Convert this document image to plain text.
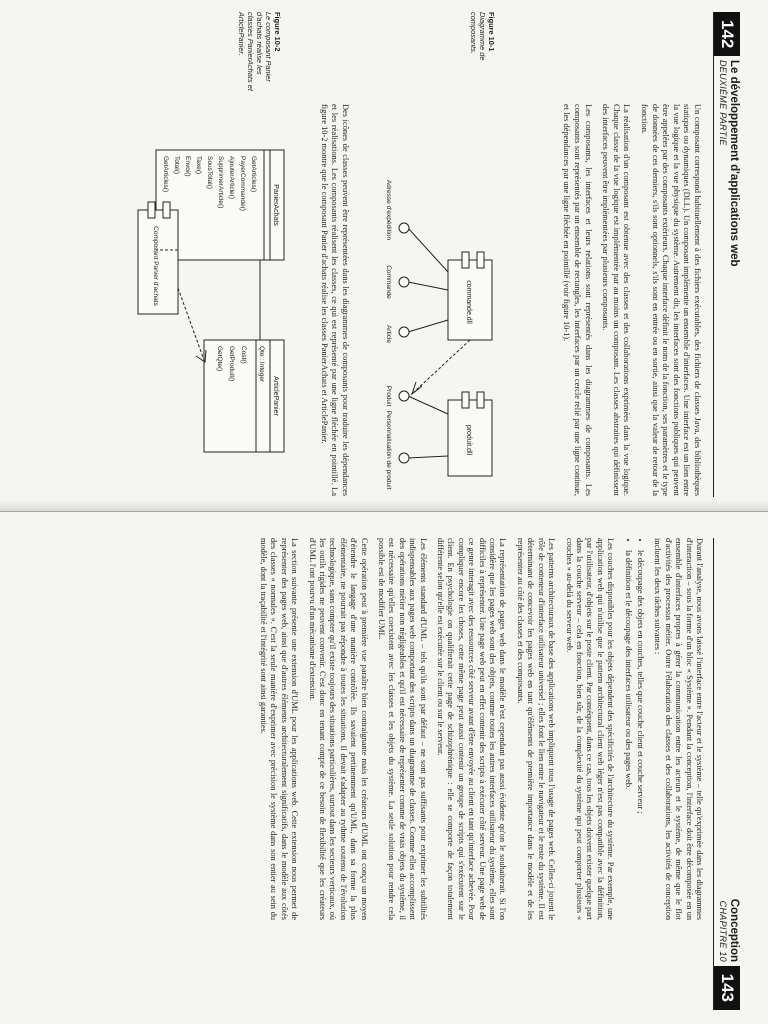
142
Le développement d'applications web
DEUXIÈME PARTIE

Un composant correspond habituellement à des fichiers exécutables, des fichiers de classes Java, des bibliothèques statiques ou dynamiques (DLL). Un composant implémente un ensemble d'interfaces. Une interface est un lien entre la vue logique et la vue physique du système. Autrement dit, les interfaces sont des fonctions publiques qui peuvent être appelées par des composants extérieurs. Chaque interface définit le nom de la fonction, ses paramètres et le type de données de ces derniers, s'ils sont optionnels, s'ils sont en entrée ou en sortie, ainsi que la valeur de retour de la fonction.

La réalisation d'un composant est obtenue avec des classes et des collaborations exprimées dans la vue logique. Chaque classe de la vue logique est implémentée par au moins un composant. Les classes abstraites qui définissent des interfaces peuvent être implémentées par plusieurs composants.

Les composants, les interfaces et leurs relations sont représentés dans les diagrammes de composants. Les composants sont représentés par un ensemble de rectangles, les interfaces par un cercle relié par une ligne continue, et les dépendances par une ligne fléchée en pointillé (voir figure 10-1).

Figure 10-1
Diagramme de composants.
commande.dll
produit.dll
Adresse d'expédition
Commande
Article
Produit
Personnalisation de produit

Des icônes de classes peuvent être représentées dans les diagrammes de composants pour traduire les dépendances et les réalisations. Les composants réalisent les classes, ce qui est représenté par une ligne fléchée en pointillé. La figure 10-2 montre que le composant Panier d'achats réalise les classes PanierAchats et ArticlePanier.

Figure 10-2
Le composant Panier d'achats réalise les classes PanierAchats et ArticlePanier.
PanierAchats
GetArticles()
PayerCommande()
AjouterArticle()
SupprimerArticle()
SousTotal()
Taxe()
Envoi()
Total()
GetArticles()
ArticlePanier
Qte : Integer
Cost()
GetProduit()
GetQte()
Composant Panier d'achats
143
Conception
CHAPITRE 10

Durant l'analyse, nous avons laissé l'interface entre l'acteur et le système – telle qu'exprimée dans les diagrammes d'interaction – sous la forme d'un bloc « Système ». Pendant la conception, l'interface doit être décomposée en un ensemble d'interfaces propres à gérer la communication entre les acteurs et le système, de même que le flot d'activités des processus métier. Outre l'élaboration des classes et des collaborations, les activités de conception incluent les deux tâches suivantes :

• le découpage des objets en couches, telles que couche client et couche serveur ;
• la définition et le découpage des interfaces utilisateur ou des pages web.

Les couches disponibles pour les objets dépendent des spécificités de l'architecture du système. Par exemple, une application web qui n'utilise que le pattern architectural client web léger n'est pas compatible avec la définition, par l'utilisateur, d'objets sur le poste client. Par conséquent, dans ce cas, tous les objets doivent exister quelque part dans la couche serveur – cela en fonction, bien sûr, de la complexité du système qui peut comporter plusieurs « couches » au-delà du serveur web.

Les patterns architecturaux de base des applications web impliquent tous l'usage de pages web. Celles-ci jouent le rôle de conteneur d'interface utilisateur universel ; elles font le lien entre le navigateur et le reste du système. Il est déterminant de concevoir les pages web en tant qu'éléments de première importance dans le modèle et de les représenter au côté des classes et des composants.

La représentation de pages web dans le modèle n'est cependant pas aussi évidente qu'on le souhaiterait. Si l'on considère que les pages web sont des objets, comme toutes les autres interfaces utilisateur du système, elles sont difficiles à représenter. Une page web peut en effet contenir des scripts à exécuter côté serveur. Une page web de ce genre interagit avec des ressources côté serveur avant d'être envoyée au client en tant qu'interface achevée. Pour compliquer encore les choses, cette même page peut aussi contenir un groupe de scripts qui s'exécutent sur le client. En psychologie on qualifierait cette page de schizophrénique : elle se comporte de façon totalement différente selon qu'elle est exécutée sur le client ou sur le serveur.

Les éléments standard d'UML – tels qu'ils sont par défaut – ne sont pas suffisants pour exprimer les subtilités indispensables aux pages web comportant des scripts dans un diagramme de classes. Comme elles accomplissent des opérations métier non négligeables et qu'il est nécessaire de représenter comme de vrais objets du système, il est nécessaire qu'elles coexistent avec les classes et les objets du système. La seule solution pour rendre cela possible est de modifier UML.

Cette opération peut à première vue paraître bien contraignante mais les créateurs d'UML ont conçu un moyen d'étendre le langage d'une manière contrôlée. Ils savaient pertinemment qu'UML, dans sa forme la plus élémentaire, ne pourrait pas répondre à toutes les situations. Il devait s'adapter au rythme soutenu de l'évolution technologique, sans compter qu'il existe toujours des situations particulières, surtout dans les secteurs verticaux, où les outils rigides ne peuvent convenir. C'est donc en tenant compte de ce besoin de flexibilité que les créateurs d'UML l'ont pourvu d'un mécanisme d'extension.

La section suivante présente une extension d'UML pour les applications web. Cette extension nous permet de représenter des pages web, ainsi que d'autres éléments architecturalement significatifs, dans le modèle aux côtés des classes « normales ». C'est la seule manière d'exprimer avec précision le système dans son entier au sein du modèle, dont la traçabilité et l'intégrité sont ainsi garanties.
